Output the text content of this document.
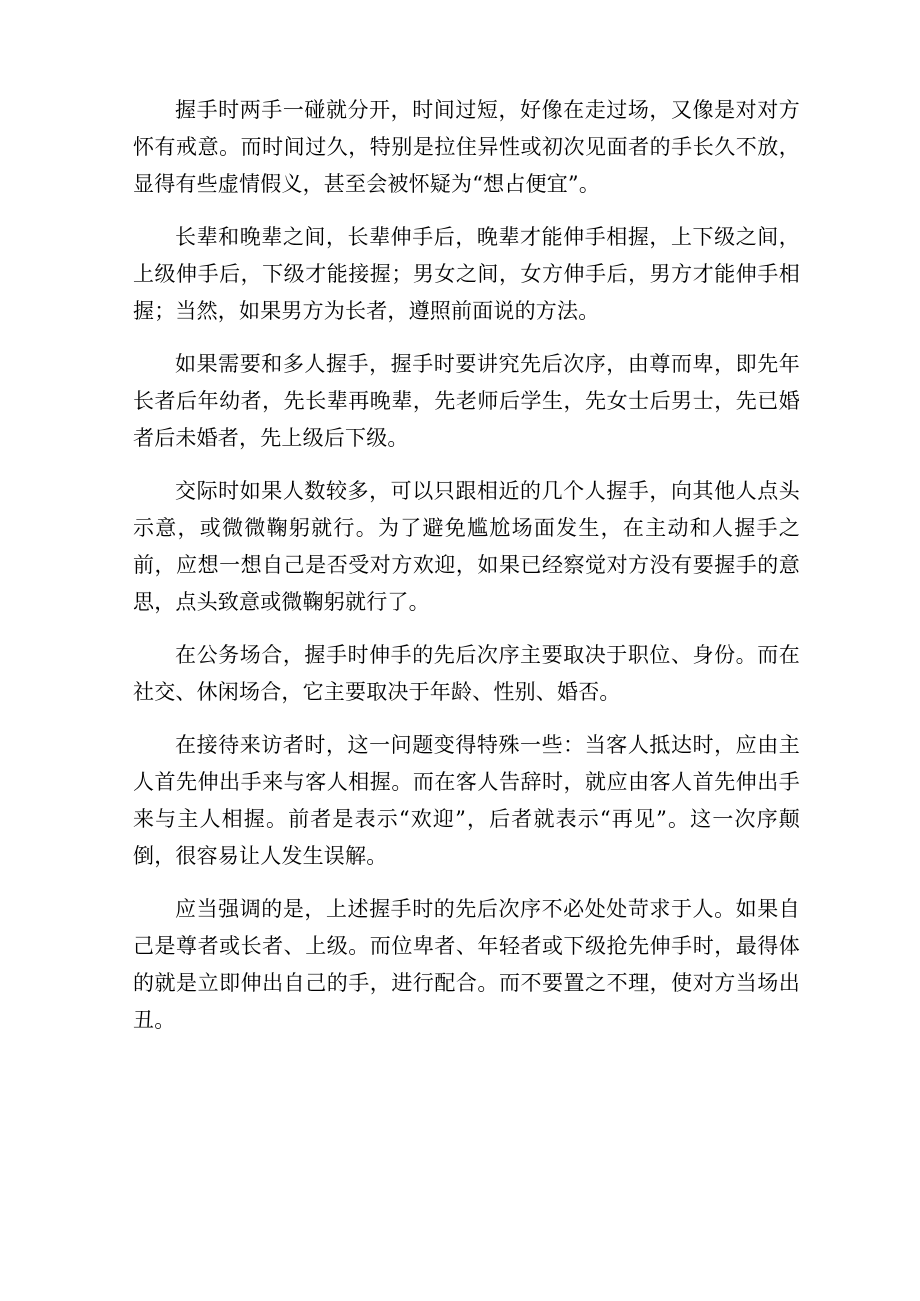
握手时两手一碰就分开，时间过短，好像在走过场，又像是对对方怀有戒意。而时间过久，特别是拉住异性或初次见面者的手长久不放，显得有些虚情假义，甚至会被怀疑为“想占便宜”。

长辈和晚辈之间，长辈伸手后，晚辈才能伸手相握，上下级之间，上级伸手后，下级才能接握；男女之间，女方伸手后，男方才能伸手相握；当然，如果男方为长者，遵照前面说的方法。

如果需要和多人握手，握手时要讲究先后次序，由尊而卑，即先年长者后年幼者，先长辈再晚辈，先老师后学生，先女士后男士，先已婚者后未婚者，先上级后下级。

交际时如果人数较多，可以只跟相近的几个人握手，向其他人点头示意，或微微鞠躬就行。为了避免尴尬场面发生，在主动和人握手之前，应想一想自己是否受对方欢迎，如果已经察觉对方没有要握手的意思，点头致意或微鞠躬就行了。

在公务场合，握手时伸手的先后次序主要取决于职位、身份。而在社交、休闲场合，它主要取决于年龄、性别、婚否。

在接待来访者时，这一问题变得特殊一些：当客人抵达时，应由主人首先伸出手来与客人相握。而在客人告辞时，就应由客人首先伸出手来与主人相握。前者是表示“欢迎”，后者就表示“再见”。这一次序颠倒，很容易让人发生误解。

应当强调的是，上述握手时的先后次序不必处处苛求于人。如果自己是尊者或长者、上级。而位卑者、年轻者或下级抢先伸手时，最得体的就是立即伸出自己的手，进行配合。而不要置之不理，使对方当场出丑。
